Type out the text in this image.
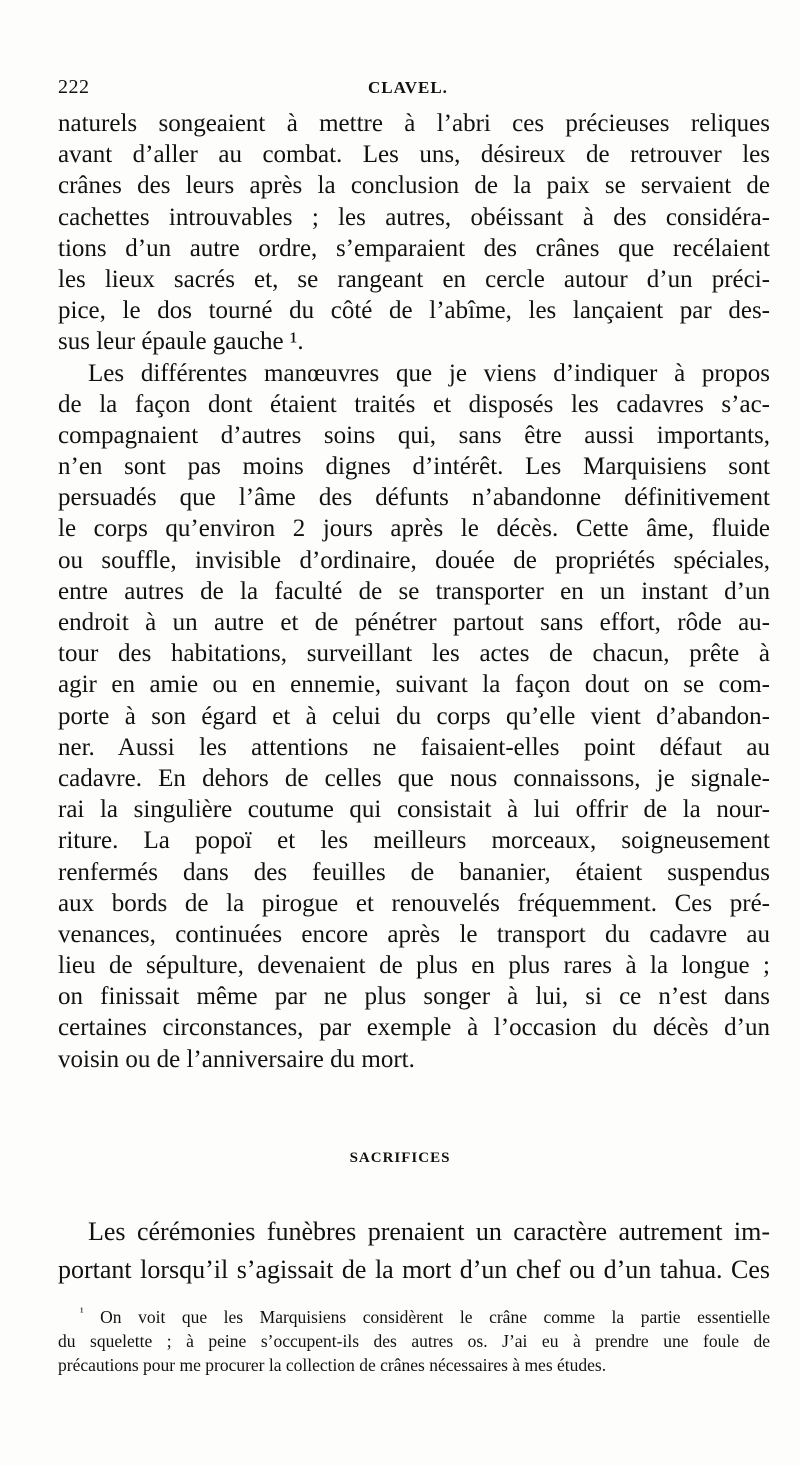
222	CLAVEL.
naturels songeaient à mettre à l’abri ces précieuses reliques
avant d’aller au combat. Les uns, désireux de retrouver les
crânes des leurs après la conclusion de la paix se servaient de
cachettes introuvables ; les autres, obéissant à des considéra-
tions d’un autre ordre, s’emparaient des crânes que recélaient
les lieux sacrés et, se rangeant en cercle autour d’un préci-
pice, le dos tourné du côté de l’abîme, les lançaient par des-
sus leur épaule gauche ¹.
Les différentes manœuvres que je viens d’indiquer à propos
de la façon dont étaient traités et disposés les cadavres s’ac-
compagnaient d’autres soins qui, sans être aussi importants,
n’en sont pas moins dignes d’intérêt. Les Marquisiens sont
persuadés que l’âme des défunts n’abandonne définitivement
le corps qu’environ 2 jours après le décès. Cette âme, fluide
ou souffle, invisible d’ordinaire, douée de propriétés spéciales,
entre autres de la faculté de se transporter en un instant d’un
endroit à un autre et de pénétrer partout sans effort, rôde au-
tour des habitations, surveillant les actes de chacun, prête à
agir en amie ou en ennemie, suivant la façon dout on se com-
porte à son égard et à celui du corps qu’elle vient d’abandon-
ner. Aussi les attentions ne faisaient-elles point défaut au
cadavre. En dehors de celles que nous connaissons, je signale-
rai la singulière coutume qui consistait à lui offrir de la nour-
riture. La popoï et les meilleurs morceaux, soigneusement
renfermés dans des feuilles de bananier, étaient suspendus
aux bords de la pirogue et renouvelés fréquemment. Ces pré-
venances, continuées encore après le transport du cadavre au
lieu de sépulture, devenaient de plus en plus rares à la longue ;
on finissait même par ne plus songer à lui, si ce n’est dans
certaines circonstances, par exemple à l’occasion du décès d’un
voisin ou de l’anniversaire du mort.
SACRIFICES
Les cérémonies funèbres prenaient un caractère autrement im-
portant lorsqu’il s’agissait de la mort d’un chef ou d’un tahua. Ces
$^{^1}$ On voit que les Marquisiens considèrent le crâne comme la partie essentielle
du squelette ; à peine s’occupent-ils des autres os. J’ai eu à prendre une foule de
précautions pour me procurer la collection de crânes nécessaires à mes études.
